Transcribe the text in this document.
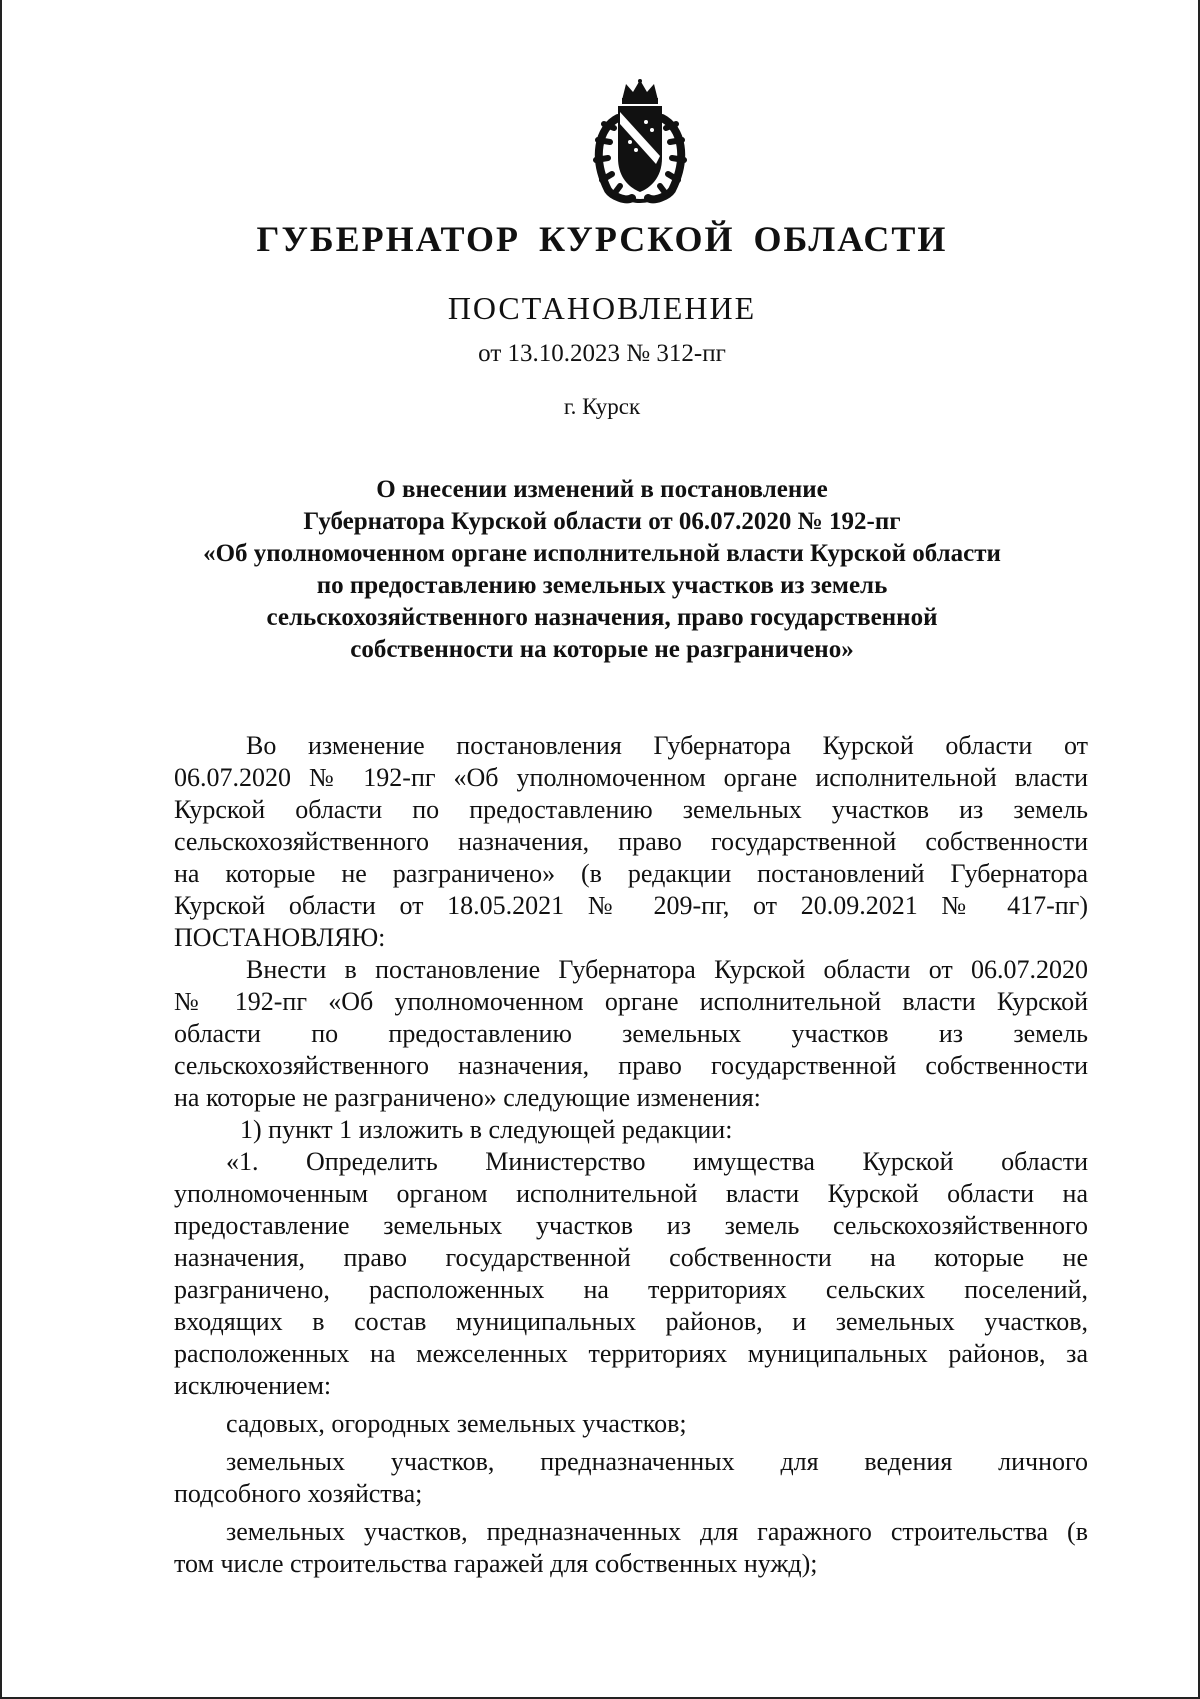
ГУБЕРНАТОР КУРСКОЙ ОБЛАСТИ
ПОСТАНОВЛЕНИЕ
от 13.10.2023 № 312-пг
г. Курск
О внесении изменений в постановление
Губернатора Курской области от 06.07.2020 № 192-пг
«Об уполномоченном органе исполнительной власти Курской области
по предоставлению земельных участков из земель
сельскохозяйственного назначения, право государственной
собственности на которые не разграничено»
Во изменение постановления Губернатора Курской области от
06.07.2020 № 192-пг «Об уполномоченном органе исполнительной власти
Курской области по предоставлению земельных участков из земель
сельскохозяйственного назначения, право государственной собственности
на которые не разграничено» (в редакции постановлений Губернатора
Курской области от 18.05.2021 № 209-пг, от 20.09.2021 № 417-пг)
ПОСТАНОВЛЯЮ:
Внести в постановление Губернатора Курской области от 06.07.2020
№ 192-пг «Об уполномоченном органе исполнительной власти Курской
области по предоставлению земельных участков из земель
сельскохозяйственного назначения, право государственной собственности
на которые не разграничено» следующие изменения:
1) пункт 1 изложить в следующей редакции:
«1. Определить Министерство имущества Курской области
уполномоченным органом исполнительной власти Курской области на
предоставление земельных участков из земель сельскохозяйственного
назначения, право государственной собственности на которые не
разграничено, расположенных на территориях сельских поселений,
входящих в состав муниципальных районов, и земельных участков,
расположенных на межселенных территориях муниципальных районов, за
исключением:
садовых, огородных земельных участков;
земельных участков, предназначенных для ведения личного
подсобного хозяйства;
земельных участков, предназначенных для гаражного строительства (в
том числе строительства гаражей для собственных нужд);
